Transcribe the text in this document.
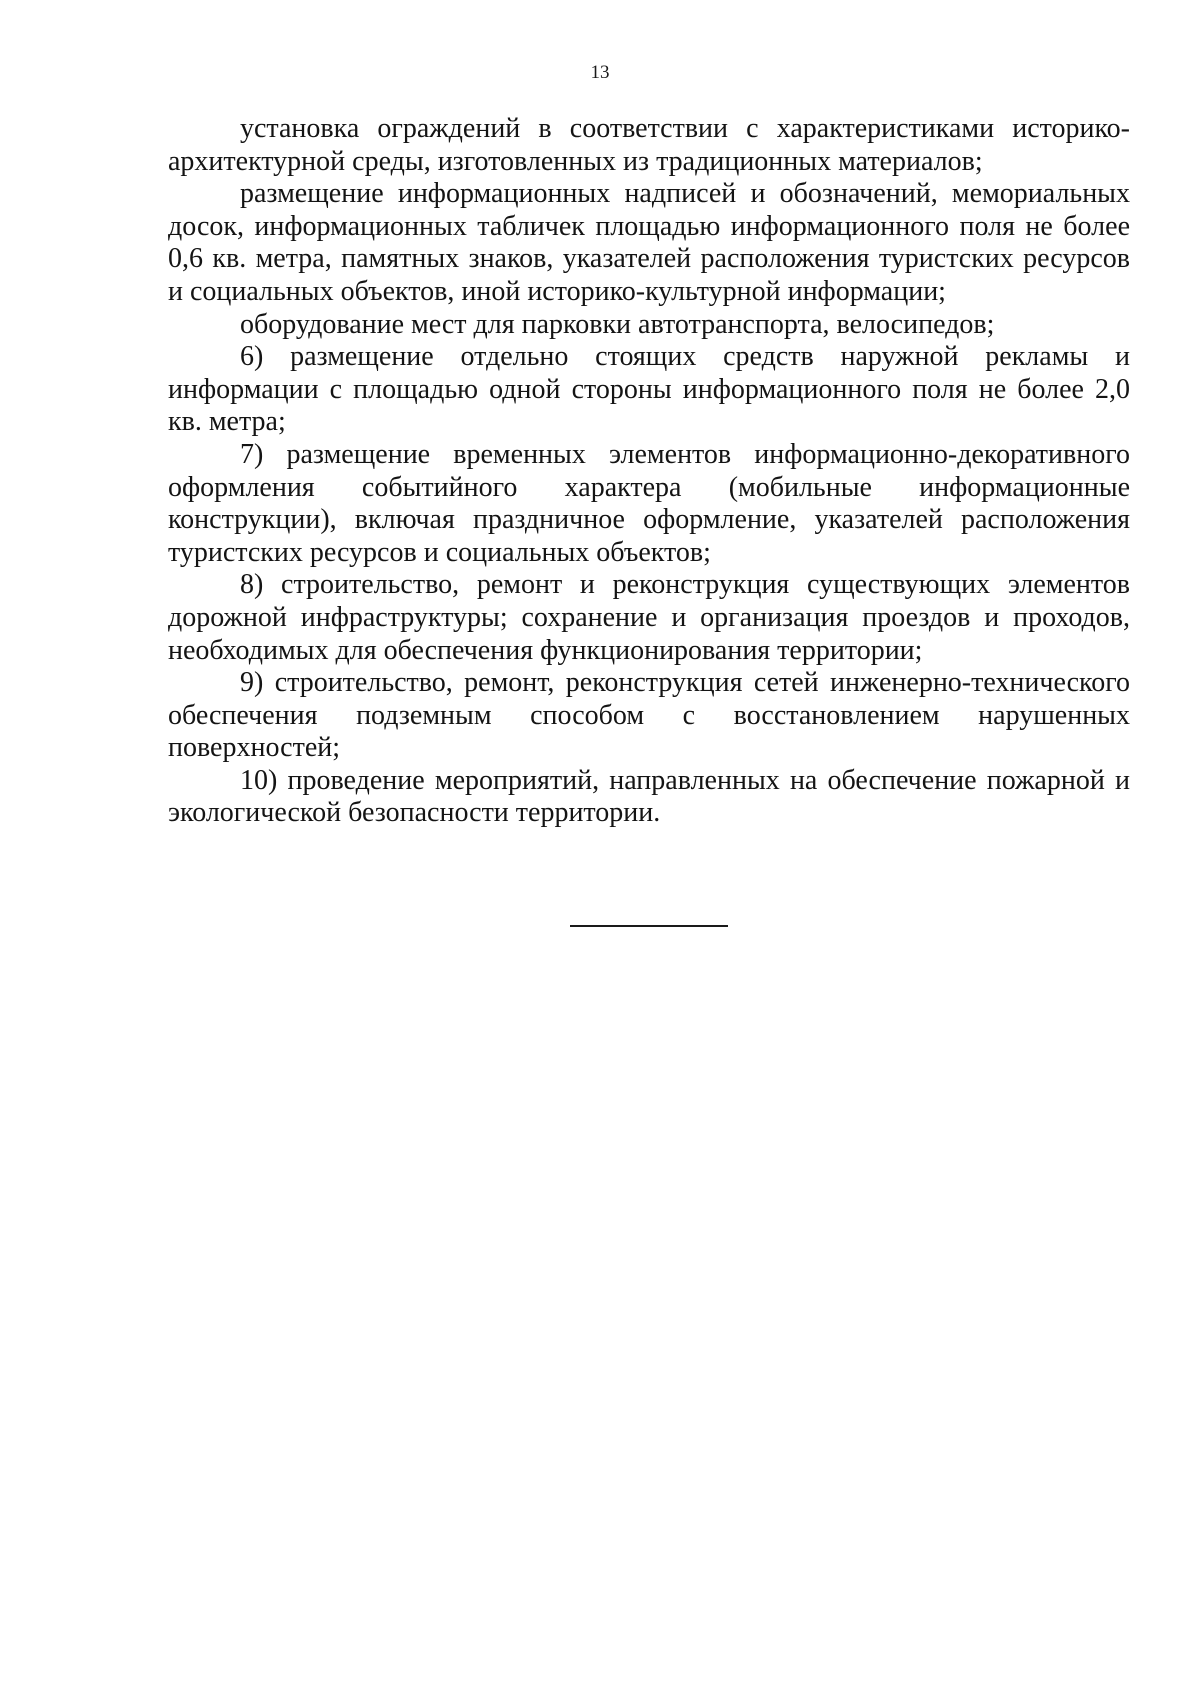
13

установка ограждений в соответствии с характеристиками историко-архитектурной среды, изготовленных из традиционных материалов;

размещение информационных надписей и обозначений, мемориальных досок, информационных табличек площадью информационного поля не более 0,6 кв. метра, памятных знаков, указателей расположения туристских ресурсов и социальных объектов, иной историко-культурной информации;

оборудование мест для парковки автотранспорта, велосипедов;

6) размещение отдельно стоящих средств наружной рекламы и информации с площадью одной стороны информационного поля не более 2,0 кв. метра;

7) размещение временных элементов информационно-декоративного оформления событийного характера (мобильные информационные конструкции), включая праздничное оформление, указателей расположения туристских ресурсов и социальных объектов;

8) строительство, ремонт и реконструкция существующих элементов дорожной инфраструктуры; сохранение и организация проездов и проходов, необходимых для обеспечения функционирования территории;

9) строительство, ремонт, реконструкция сетей инженерно-технического обеспечения подземным способом с восстановлением нарушенных поверхностей;

10) проведение мероприятий, направленных на обеспечение пожарной и экологической безопасности территории.
